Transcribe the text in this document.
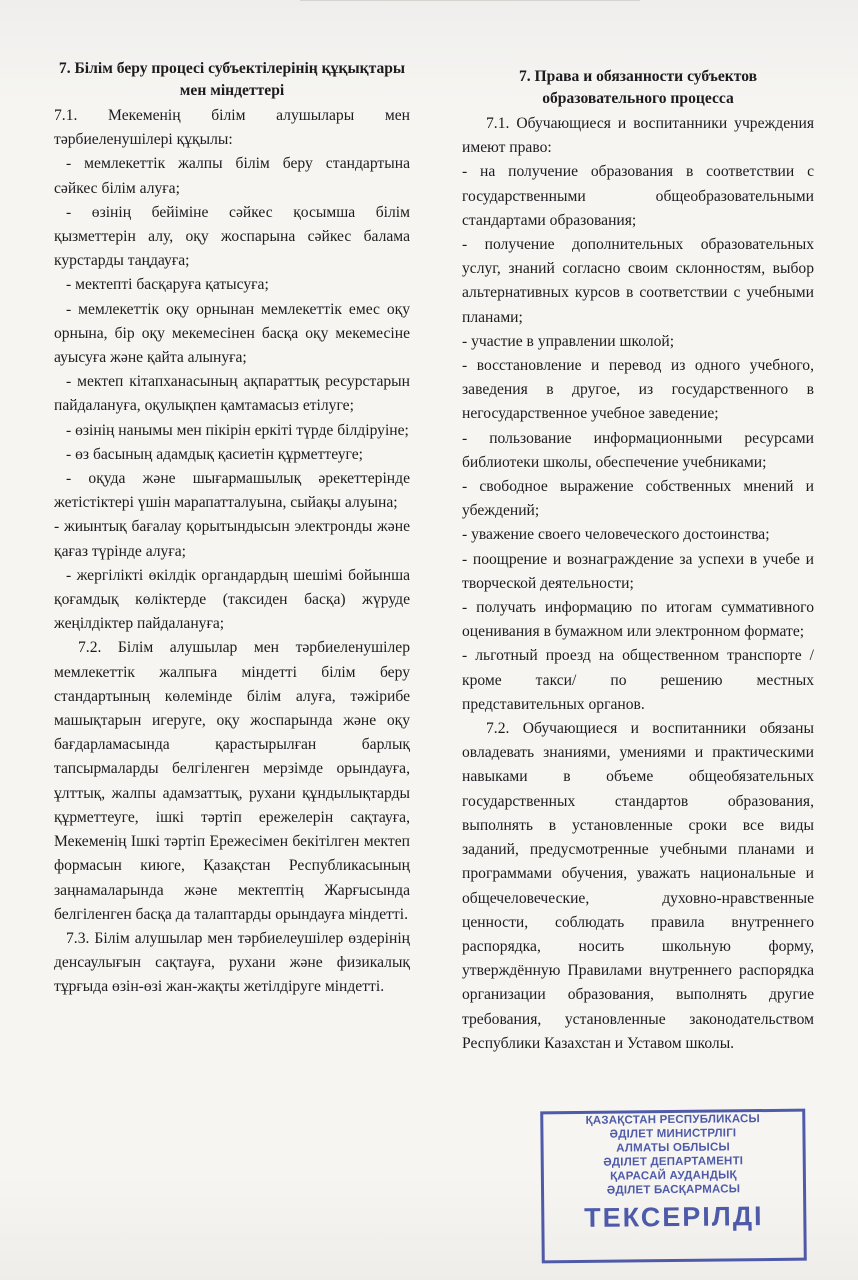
7. Білім беру процесі субъектілерінің құқықтары мен міндеттері

7.1. Мекеменің білім алушылары мен тәрбиеленушілері құқылы:

- мемлекеттік жалпы білім беру стандартына сәйкес білім алуға;

- өзінің бейіміне сәйкес қосымша білім қызметтерін алу, оқу жоспарына сәйкес балама курстарды таңдауға;

- мектепті басқаруға қатысуға;

- мемлекеттік оқу орнынан мемлекеттік емес оқу орнына, бір оқу мекемесінен басқа оқу мекемесіне ауысуға және қайта алынуға;

- мектеп кітапханасының ақпараттық ресурстарын пайдалануға, оқулықпен қамтамасыз етілуге;

- өзінің нанымы мен пікірін еркіті түрде білдіруіне;

- өз басының адамдық қасиетін құрметтеуге;

- оқуда және шығармашылық әрекеттерінде жетістіктері үшін марапатталуына, сыйақы алуына;

- жиынтық бағалау қорытындысын электронды және қағаз түрінде алуға;

- жергілікті өкілдік органдардың шешімі бойынша қоғамдық көліктерде (таксиден басқа) жүруде жеңілдіктер пайдалануға;

7.2. Білім алушылар мен тәрбиеленушілер мемлекеттік жалпыға міндетті білім беру стандартының көлемінде білім алуға, тәжірибе машықтарын игеруге, оқу жоспарында және оқу бағдарламасында қарастырылған барлық тапсырмаларды белгіленген мерзімде орындауға, ұлттық, жалпы адамзаттық, рухани құндылықтарды құрметтеуге, ішкі тәртіп ережелерін сақтауға, Мекеменің Ішкі тәртіп Ережесімен бекітілген мектеп формасын киюге, Қазақстан Республикасының заңнамаларында және мектептің Жарғысында белгіленген басқа да талаптарды орындауға міндетті.

7.3. Білім алушылар мен тәрбиелеушілер өздерінің денсаулығын сақтауға, рухани және физикалық тұрғыда өзін-өзі жан-жақты жетілдіруге міндетті.

7. Права и обязанности субъектов образовательного процесса

7.1. Обучающиеся и воспитанники учреждения имеют право:

- на получение образования в соответствии с государственными общеобразовательными стандартами образования;

- получение дополнительных образовательных услуг, знаний согласно своим склонностям, выбор альтернативных курсов в соответствии с учебными планами;

- участие в управлении школой;

- восстановление и перевод из одного учебного, заведения в другое, из государственного в негосударственное учебное заведение;

- пользование информационными ресурсами библиотеки школы, обеспечение учебниками;

- свободное выражение собственных мнений и убеждений;

- уважение своего человеческого достоинства;

- поощрение и вознаграждение за успехи в учебе и творческой деятельности;

- получать информацию по итогам суммативного оценивания в бумажном или электронном формате;

- льготный проезд на общественном транспорте /кроме такси/ по решению местных представительных органов.

7.2. Обучающиеся и воспитанники обязаны овладевать знаниями, умениями и практическими навыками в объеме общеобязательных государственных стандартов образования, выполнять в установленные сроки все виды заданий, предусмотренные учебными планами и программами обучения, уважать национальные и общечеловеческие, духовно-нравственные ценности, соблюдать правила внутреннего распорядка, носить школьную форму, утверждённую Правилами внутреннего распорядка организации образования, выполнять другие требования, установленные законодательством Республики Казахстан и Уставом школы.

ҚАЗАҚСТАН РЕСПУБЛИКАСЫ
ӘДІЛЕТ МИНИСТРЛІГІ
АЛМАТЫ ОБЛЫСЫ
ӘДІЛЕТ ДЕПАРТАМЕНТІ
ҚАРАСАЙ АУДАНДЫҚ
ӘДІЛЕТ БАСҚАРМАСЫ
ТЕКСЕРІЛДІ
